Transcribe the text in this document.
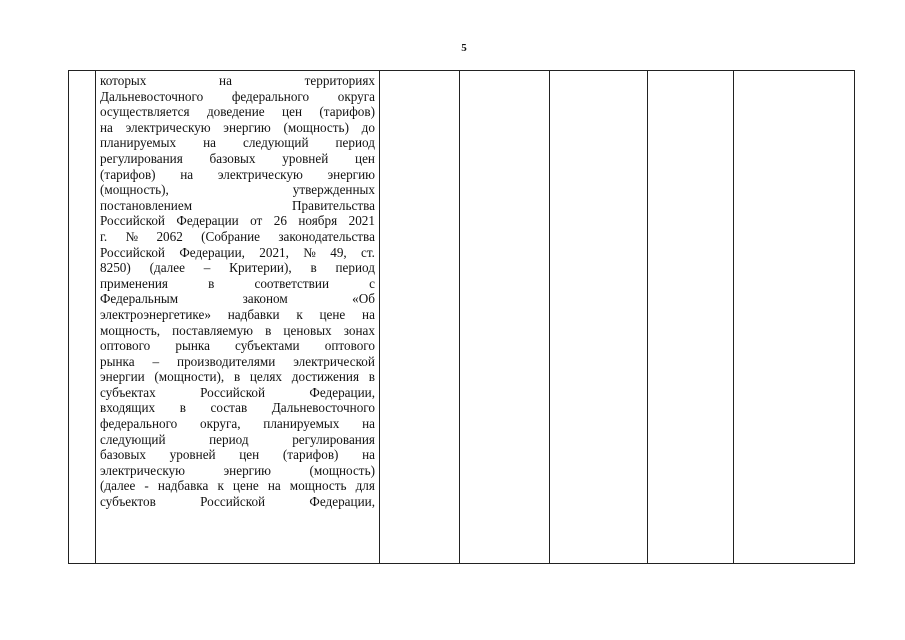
5
которых	на	территориях
Дальневосточного федерального округа
осуществляется доведение цен (тарифов)
на электрическую энергию (мощность) до
планируемых на следующий период
регулирования базовых уровней цен
(тарифов) на электрическую энергию
(мощность),	утвержденных
постановлением	Правительства
Российской Федерации от 26 ноября 2021
г. № 2062 (Собрание законодательства
Российской Федерации, 2021, № 49, ст.
8250) (далее – Критерии), в период
применения	в	соответствии	с
Федеральным	законом	«Об
электроэнергетике» надбавки к цене на
мощность, поставляемую в ценовых зонах
оптового рынка субъектами оптового
рынка – производителями электрической
энергии (мощности), в целях достижения в
субъектах	Российской	Федерации,
входящих в состав Дальневосточного
федерального округа, планируемых на
следующий	период	регулирования
базовых уровней цен (тарифов) на
электрическую	энергию	(мощность)
(далее - надбавка к цене на мощность для
субъектов	Российской	Федерации,
